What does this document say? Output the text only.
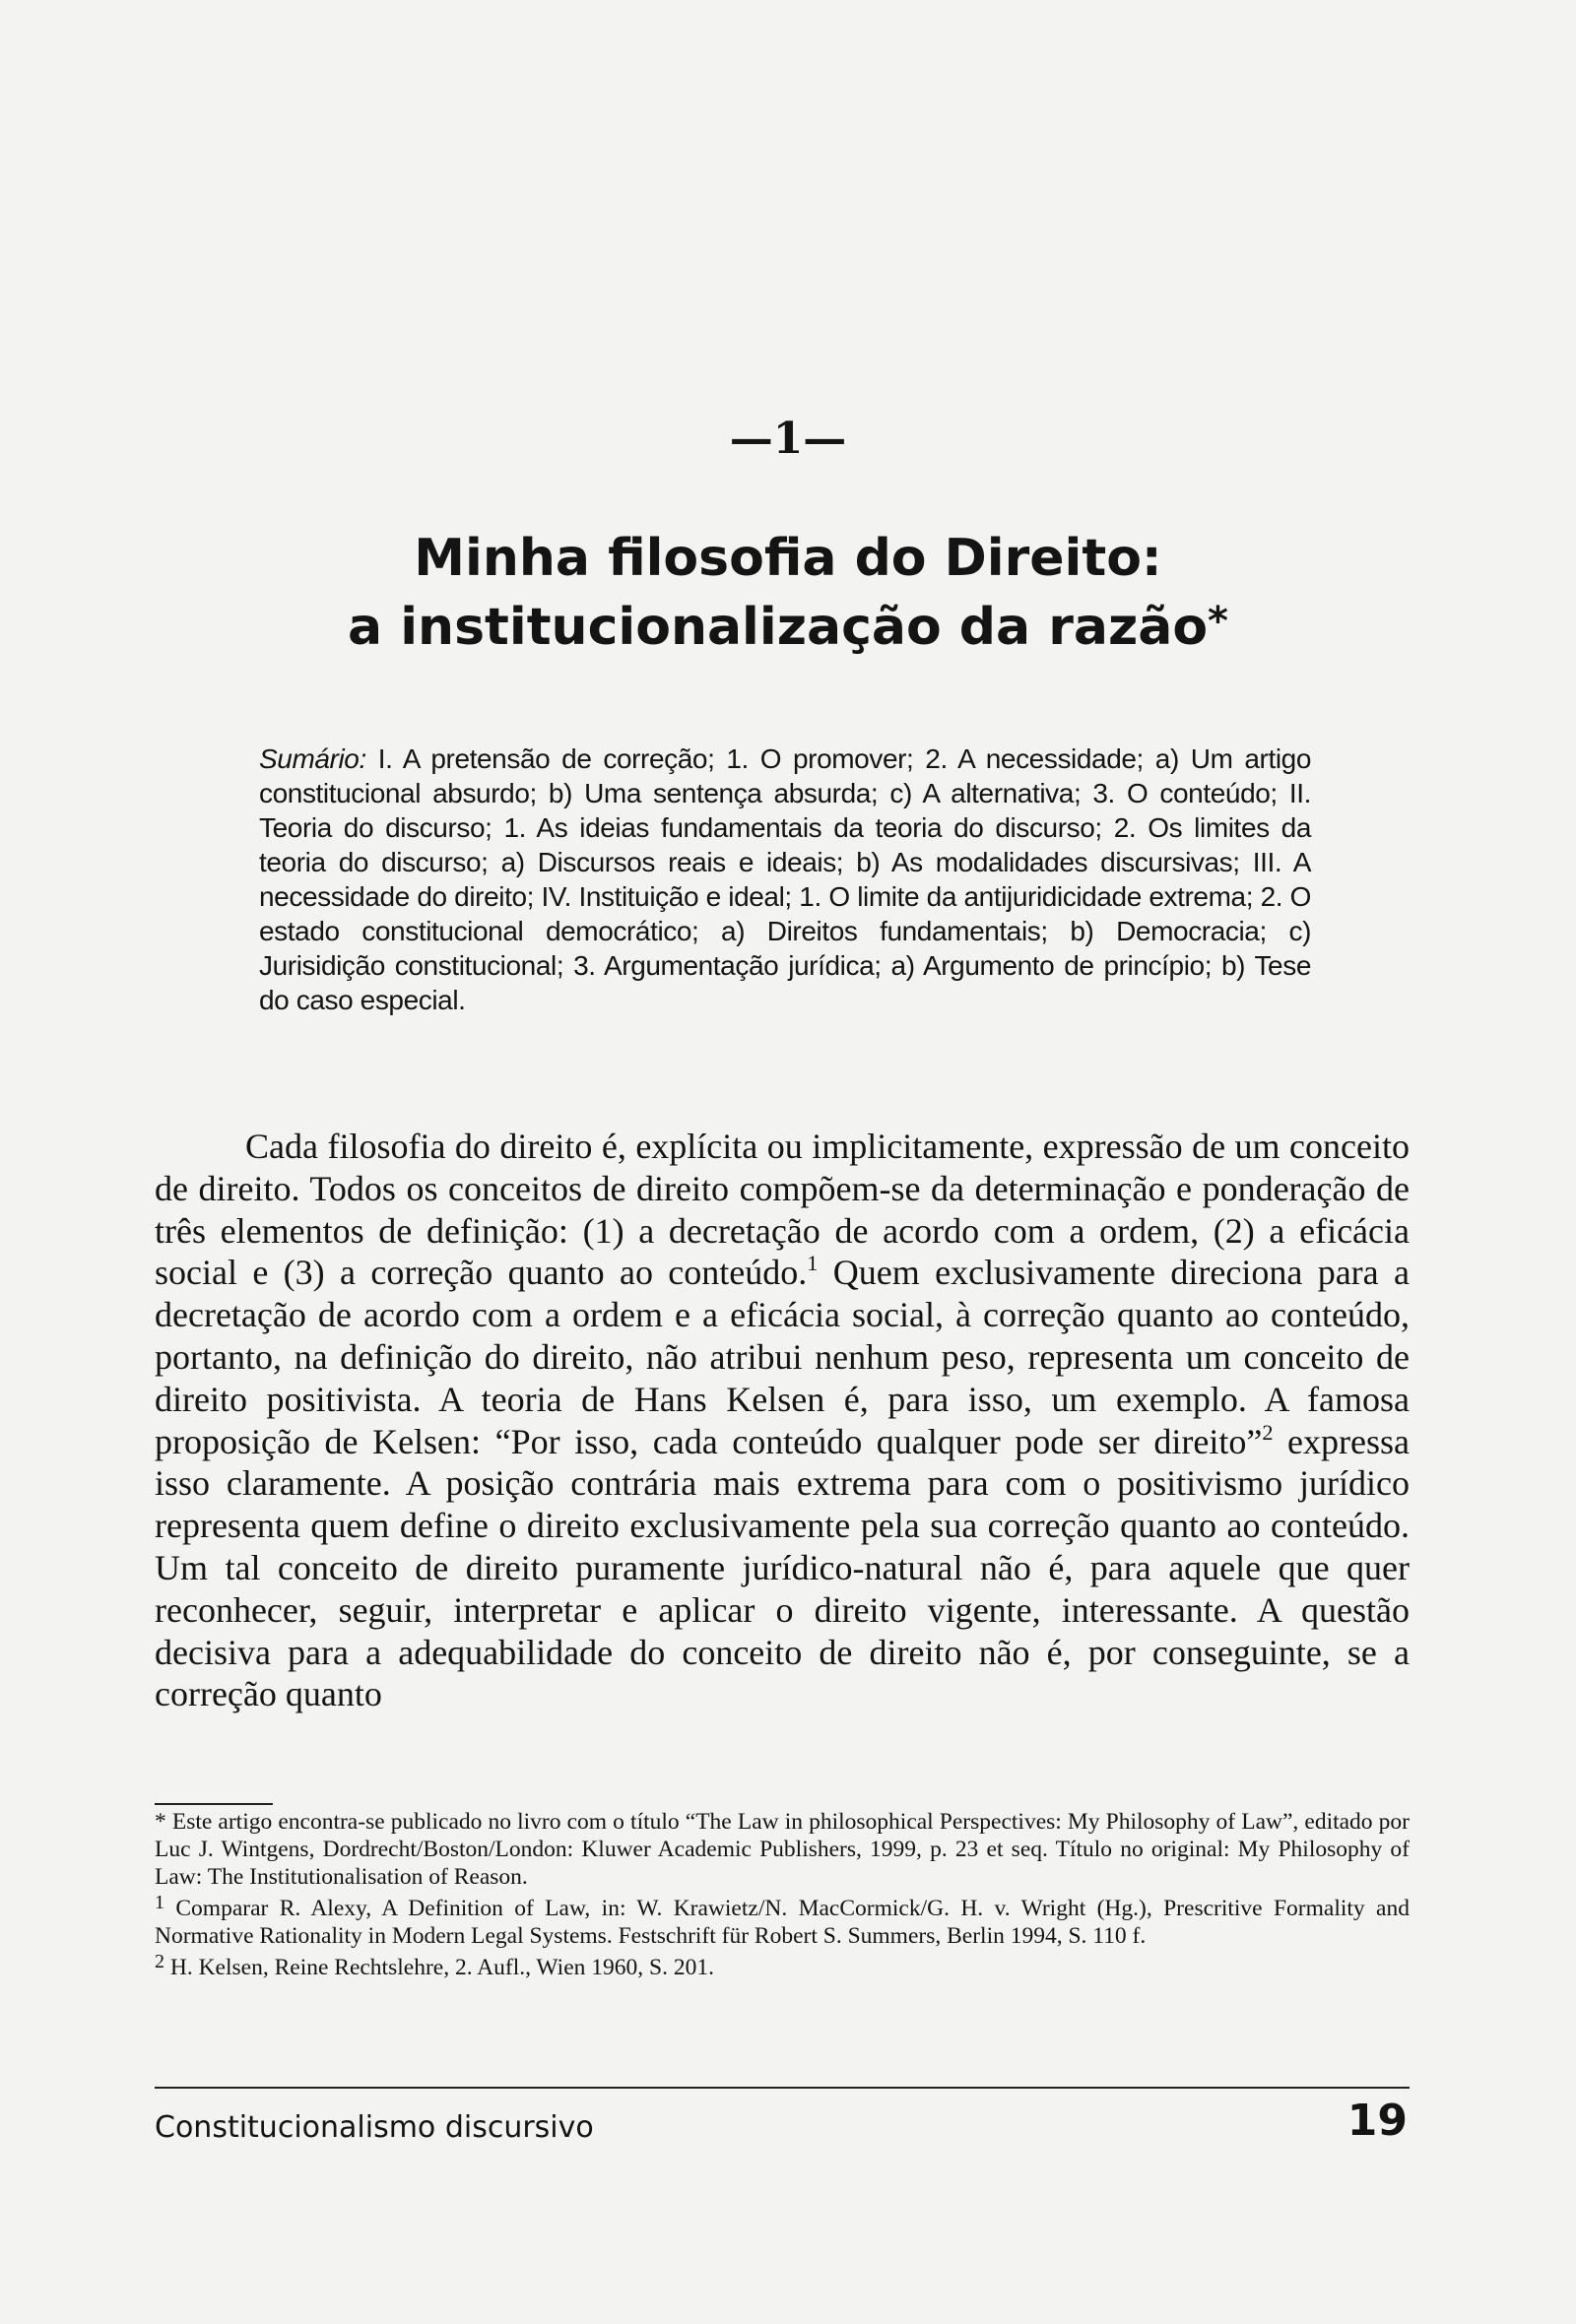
—1—
Minha filosofia do Direito:
a institucionalização da razão*
Sumário: I. A pretensão de correção; 1. O promover; 2. A necessidade; a) Um artigo constitucional absurdo; b) Uma sentença absurda; c) A alternativa; 3. O conteúdo; II. Teoria do discurso; 1. As ideias fundamentais da teoria do discurso; 2. Os limites da teoria do discurso; a) Discursos reais e ideais; b) As modalidades discursivas; III. A necessidade do direito; IV. Instituição e ideal; 1. O limite da antijuridicidade extrema; 2. O estado constitucional democrático; a) Direitos fundamentais; b) Democracia; c) Jurisidição constitucional; 3. Argumentação jurídica; a) Argumento de princípio; b) Tese do caso especial.

Cada filosofia do direito é, explícita ou implicitamente, expressão de um conceito de direito. Todos os conceitos de direito compõem-se da determinação e ponderação de três elementos de definição: (1) a decretação de acordo com a ordem, (2) a eficácia social e (3) a correção quanto ao conteúdo.$^1$ Quem exclusivamente direciona para a decretação de acordo com a ordem e a eficácia social, à correção quanto ao conteúdo, portanto, na definição do direito, não atribui nenhum peso, representa um conceito de direito positivista. A teoria de Hans Kelsen é, para isso, um exemplo. A famosa proposição de Kelsen: “Por isso, cada conteúdo qualquer pode ser direito”$^2$ expressa isso claramente. A posição contrária mais extrema para com o positivismo jurídico representa quem define o direito exclusivamente pela sua correção quanto ao conteúdo. Um tal conceito de direito puramente jurídico-natural não é, para aquele que quer reconhecer, seguir, interpretar e aplicar o direito vigente, interessante. A questão decisiva para a adequabilidade do conceito de direito não é, por conseguinte, se a correção quanto

* Este artigo encontra-se publicado no livro com o título “The Law in philosophical Perspectives: My Philosophy of Law”, editado por Luc J. Wintgens, Dordrecht/Boston/London: Kluwer Academic Publishers, 1999, p. 23 et seq. Título no original: My Philosophy of Law: The Institutionalisation of Reason.

$^1$ Comparar R. Alexy, A Definition of Law, in: W. Krawietz/N. MacCormick/G. H. v. Wright (Hg.), Prescritive Formality and Normative Rationality in Modern Legal Systems. Festschrift für Robert S. Summers, Berlin 1994, S. 110 f.

$^2$ H. Kelsen, Reine Rechtslehre, 2. Aufl., Wien 1960, S. 201.

Constitucionalismo discursivo	19
